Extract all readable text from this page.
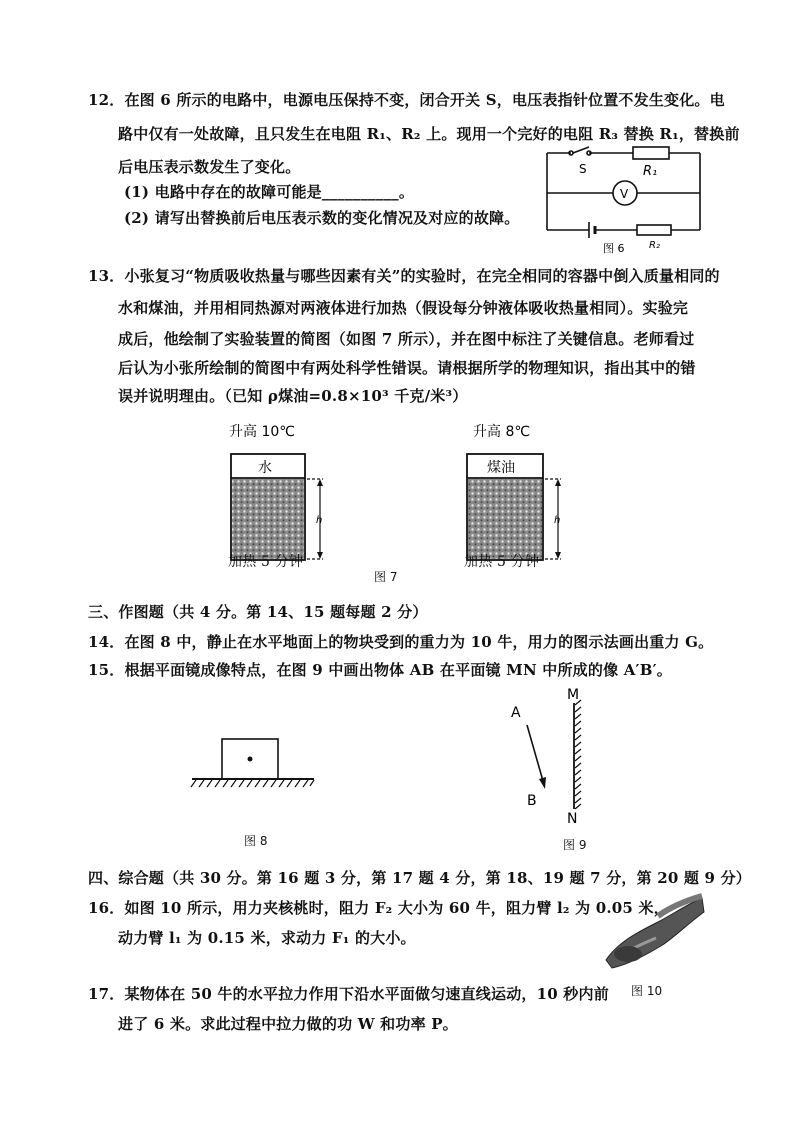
12．在图 6 所示的电路中，电源电压保持不变，闭合开关 S，电压表指针位置不发生变化。电
路中仅有一处故障，且只发生在电阻 R₁、R₂ 上。现用一个完好的电阻 R₃ 替换 R₁，替换前
后电压表示数发生了变化。
(1) 电路中存在的故障可能是__________。
(2) 请写出替换前后电压表示数的变化情况及对应的故障。
S	R₁
V
R₂
图 6
13．小张复习“物质吸收热量与哪些因素有关”的实验时，在完全相同的容器中倒入质量相同的
水和煤油，并用相同热源对两液体进行加热（假设每分钟液体吸收热量相同）。实验完
成后，他绘制了实验装置的简图（如图 7 所示），并在图中标注了关键信息。老师看过
后认为小张所绘制的简图中有两处科学性错误。请根据所学的物理知识，指出其中的错
误并说明理由。（已知 ρ煤油=0.8×10³ 千克/米³）
升高 10℃
水
h
升高 8℃
煤油
h
加热 5 分钟	加热 5 分钟
图 7
三、作图题（共 4 分。第 14、15 题每题 2 分）
14．在图 8 中，静止在水平地面上的物块受到的重力为 10 牛，用力的图示法画出重力 G。
15．根据平面镜成像特点，在图 9 中画出物体 AB 在平面镜 MN 中所成的像 A′B′。
图 8
A
B
M
N
图 9
四、综合题（共 30 分。第 16 题 3 分，第 17 题 4 分，第 18、19 题 7 分，第 20 题 9 分）
16．如图 10 所示，用力夹核桃时，阻力 F₂ 大小为 60 牛，阻力臂 l₂ 为 0.05 米，
动力臂 l₁ 为 0.15 米，求动力 F₁ 的大小。
图 10
17．某物体在 50 牛的水平拉力作用下沿水平面做匀速直线运动，10 秒内前
进了 6 米。求此过程中拉力做的功 W 和功率 P。
